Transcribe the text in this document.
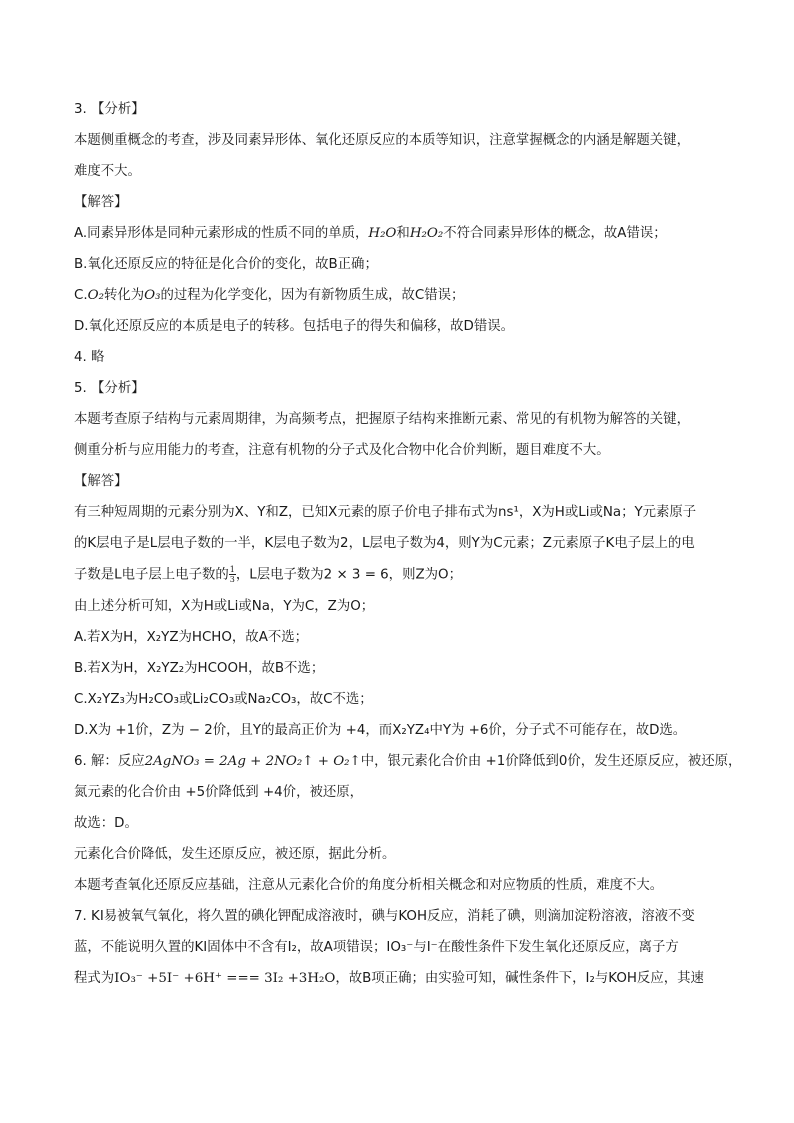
3. 【分析】

本题侧重概念的考查，涉及同素异形体、氧化还原反应的本质等知识，注意掌握概念的内涵是解题关键，

难度不大。

【解答】

A.同素异形体是同种元素形成的性质不同的单质，H₂O和H₂O₂不符合同素异形体的概念，故A错误；

B.氧化还原反应的特征是化合价的变化，故B正确；

C.O₂转化为O₃的过程为化学变化，因为有新物质生成，故C错误；

D.氧化还原反应的本质是电子的转移。包括电子的得失和偏移，故D错误。

4. 略

5. 【分析】

本题考查原子结构与元素周期律，为高频考点，把握原子结构来推断元素、常见的有机物为解答的关键，

侧重分析与应用能力的考查，注意有机物的分子式及化合物中化合价判断，题目难度不大。

【解答】

有三种短周期的元素分别为X、Y和Z，已知X元素的原子价电子排布式为ns¹，X为H或Li或Na；Y元素原子

的K层电子是L层电子数的一半，K层电子数为2，L层电子数为4，则Y为C元素；Z元素原子K电子层上的电

子数是L电子层上电子数的 $\frac{1}{3}$ ，L层电子数为2 × 3 = 6，则Z为O；

由上述分析可知，X为H或Li或Na，Y为C，Z为O；

A.若X为H，X₂YZ为HCHO，故A不选；

B.若X为H，X₂YZ₂为HCOOH，故B不选；

C.X₂YZ₃为H₂CO₃或Li₂CO₃或Na₂CO₃，故C不选；

D.X为 +1价，Z为 − 2价，且Y的最高正价为 +4，而X₂YZ₄中Y为 +6价，分子式不可能存在，故D选。

6. 解：反应2AgNO₃ = 2Ag + 2NO₂↑ + O₂↑中，银元素化合价由 +1价降低到0价，发生还原反应，被还原，

氮元素的化合价由 +5价降低到 +4价，被还原，

故选：D。

元素化合价降低，发生还原反应，被还原，据此分析。

本题考查氧化还原反应基础，注意从元素化合价的角度分析相关概念和对应物质的性质，难度不大。

7. KI易被氧气氧化，将久置的碘化钾配成溶液时，碘与KOH反应，消耗了碘，则滴加淀粉溶液，溶液不变

蓝，不能说明久置的KI固体中不含有I₂，故A项错误；IO₃⁻与I⁻在酸性条件下发生氧化还原反应，离子方

程式为IO₃⁻ +5I⁻ +6H⁺ === 3I₂ +3H₂O，故B项正确；由实验可知，碱性条件下，I₂与KOH反应，其速
